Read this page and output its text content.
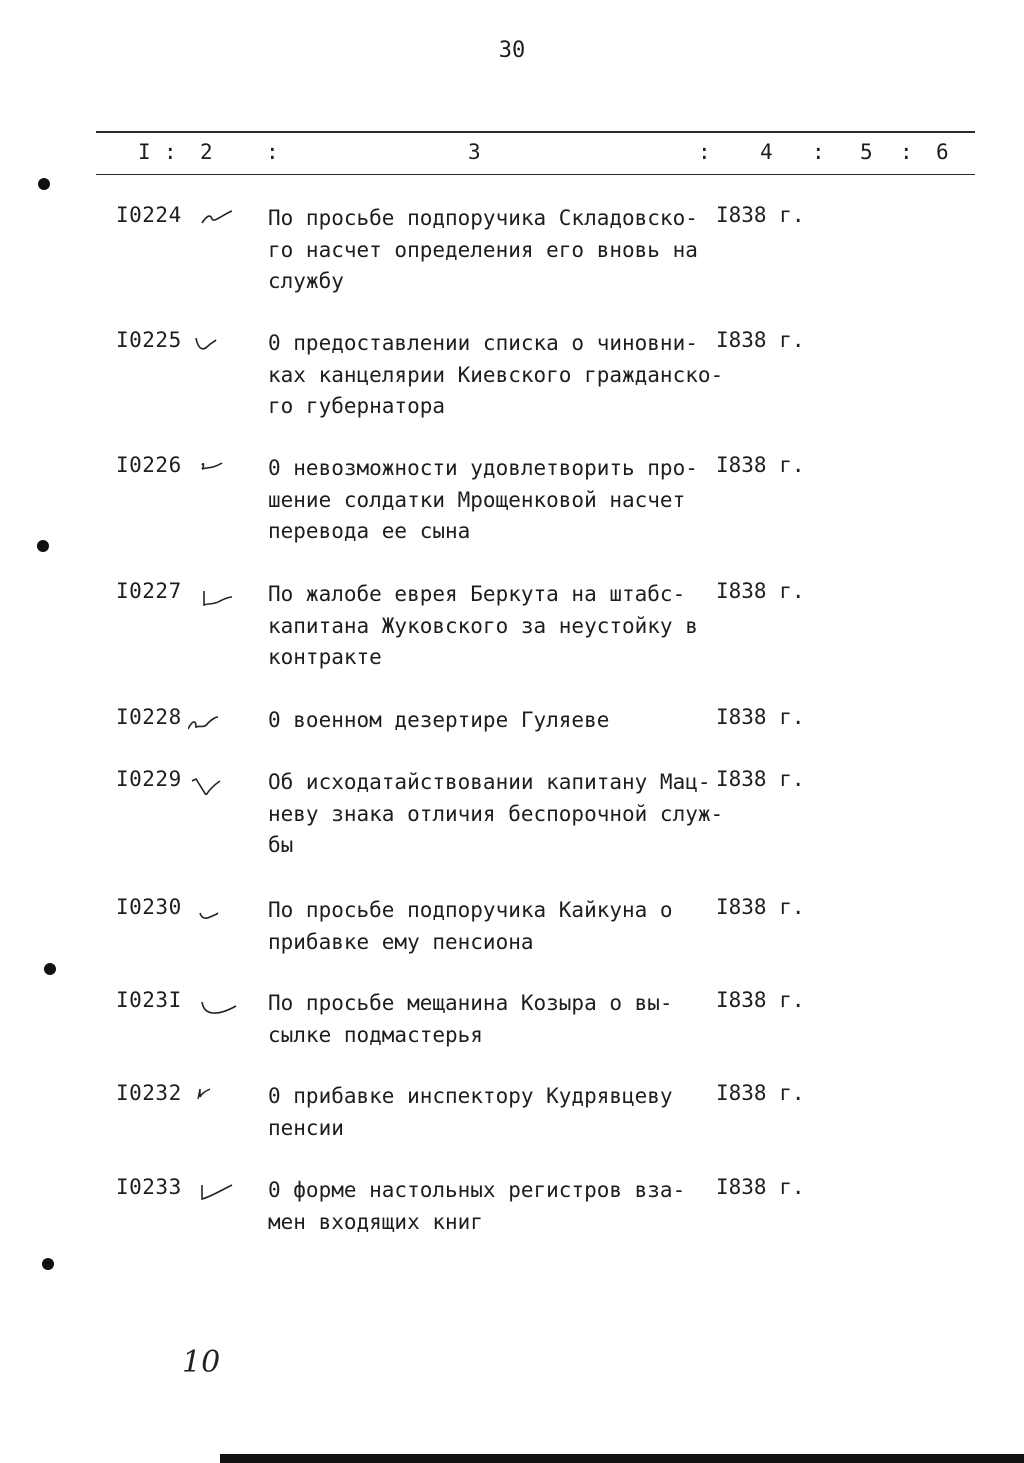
30
I : 2	:	3	: 4 : 5 : 6
I0224	По просьбе подпоручика Складовско-
го насчет определения его вновь на
службу
I838 г.
I0225	0 предоставлении списка о чиновни-
ках канцелярии Киевского гражданско-
го губернатора
I838 г.
I0226	0 невозможности удовлетворить про-
шение солдатки Мрощенковой насчет
перевода ее сына
I838 г.
I0227	По жалобе еврея Беркута на штабс-
капитана Жуковского за неустойку в
контракте
I838 г.
I0228	0 военном дезертире Гуляеве	I838 г.
I0229	Об исходатайствовании капитану Мац-
неву знака отличия беспорочной служ-
бы
I838 г.
I0230	По просьбе подпоручика Кайкуна о
прибавке ему пенсиона
I838 г.
I023I	По просьбе мещанина Козыра о вы-
сылке подмастерья
I838 г.
I0232	0 прибавке инспектору Кудрявцеву
пенсии
I838 г.
I0233	0 форме настольных регистров вза-
мен входящих книг
I838 г.
10
